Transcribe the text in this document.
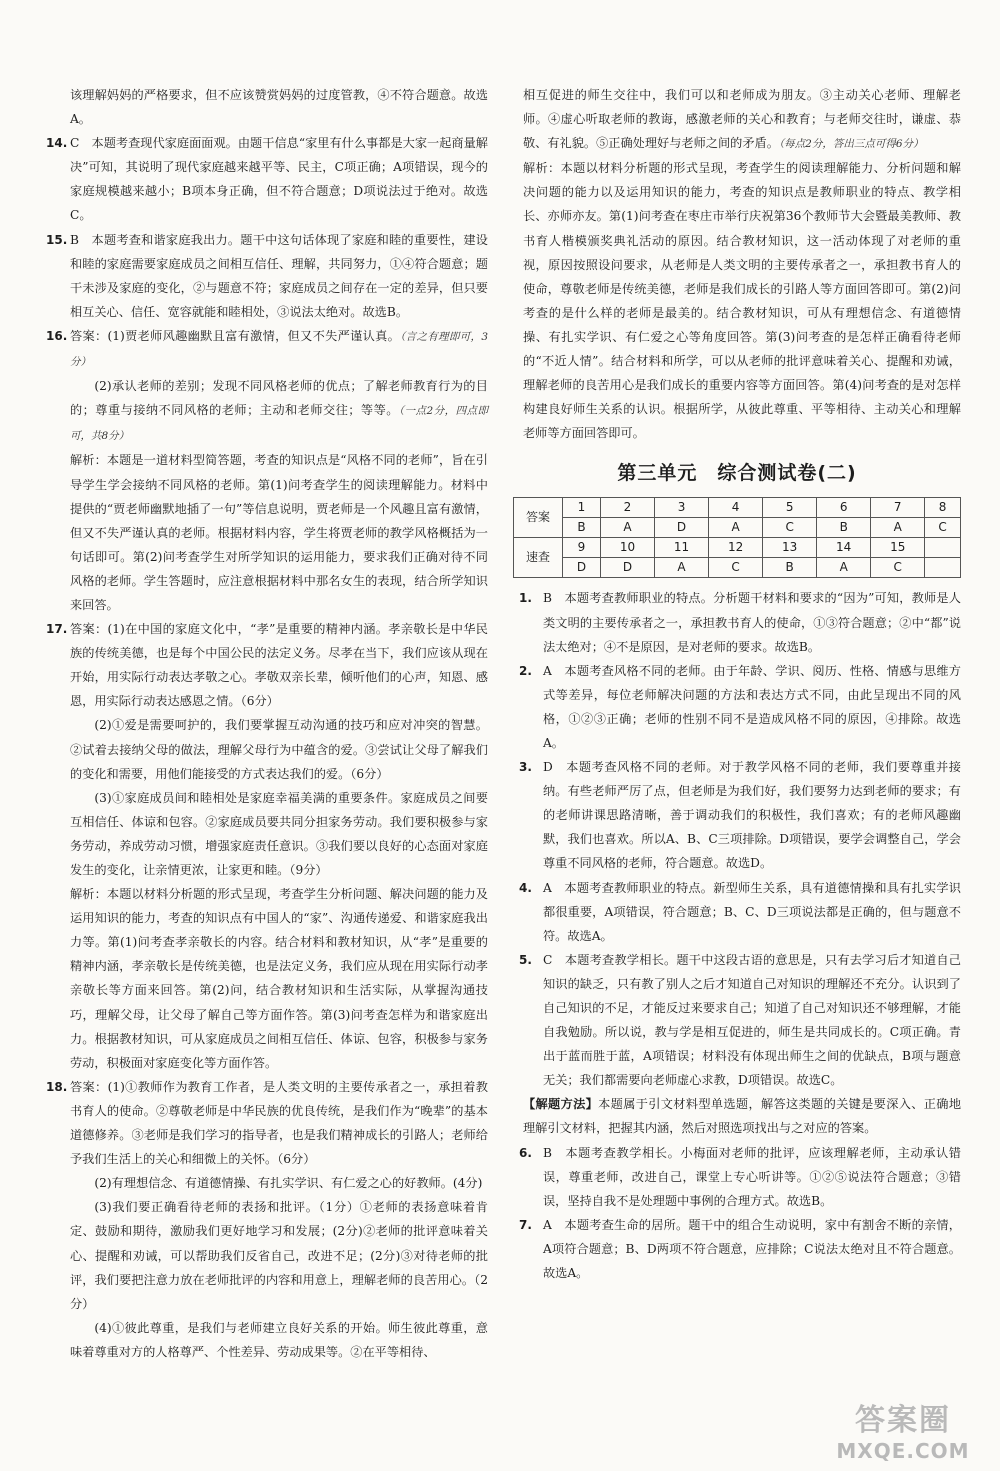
该理解妈妈的严格要求，但不应该赞赏妈妈的过度管教，④不符合题意。故选A。

14. C　本题考查现代家庭面面观。由题干信息“家里有什么事都是大家一起商量解决”可知，其说明了现代家庭越来越平等、民主，C项正确；A项错误，现今的家庭规模越来越小；B项本身正确，但不符合题意；D项说法过于绝对。故选C。

15. B　本题考查和谐家庭我出力。题干中这句话体现了家庭和睦的重要性，建设和睦的家庭需要家庭成员之间相互信任、理解，共同努力，①④符合题意；题干未涉及家庭的变化，②与题意不符；家庭成员之间存在一定的差异，但只要相互关心、信任、宽容就能和睦相处，③说法太绝对。故选B。

16. 答案：(1)贾老师风趣幽默且富有激情，但又不失严谨认真。（言之有理即可，3分）

(2)承认老师的差别；发现不同风格老师的优点；了解老师教育行为的目的；尊重与接纳不同风格的老师；主动和老师交往；等等。（一点2分，四点即可，共8分）

解析：本题是一道材料型简答题，考查的知识点是“风格不同的老师”，旨在引导学生学会接纳不同风格的老师。第(1)问考查学生的阅读理解能力。材料中提供的“贾老师幽默地插了一句”等信息说明，贾老师是一个风趣且富有激情，但又不失严谨认真的老师。根据材料内容，学生将贾老师的教学风格概括为一句话即可。第(2)问考查学生对所学知识的运用能力，要求我们正确对待不同风格的老师。学生答题时，应注意根据材料中那名女生的表现，结合所学知识来回答。

17. 答案：(1)在中国的家庭文化中，“孝”是重要的精神内涵。孝亲敬长是中华民族的传统美德，也是每个中国公民的法定义务。尽孝在当下，我们应该从现在开始，用实际行动表达孝敬之心。孝敬双亲长辈，倾听他们的心声，知恩、感恩，用实际行动表达感恩之情。（6分）

(2)①爱是需要呵护的，我们要掌握互动沟通的技巧和应对冲突的智慧。②试着去接纳父母的做法，理解父母行为中蕴含的爱。③尝试让父母了解我们的变化和需要，用他们能接受的方式表达我们的爱。（6分）

(3)①家庭成员间和睦相处是家庭幸福美满的重要条件。家庭成员之间要互相信任、体谅和包容。②家庭成员要共同分担家务劳动。我们要积极参与家务劳动，养成劳动习惯，增强家庭责任意识。③我们要以良好的心态面对家庭发生的变化，让亲情更浓，让家更和睦。（9分）

解析：本题以材料分析题的形式呈现，考查学生分析问题、解决问题的能力及运用知识的能力，考查的知识点有中国人的“家”、沟通传递爱、和谐家庭我出力等。第(1)问考查孝亲敬长的内容。结合材料和教材知识，从“孝”是重要的精神内涵，孝亲敬长是传统美德，也是法定义务，我们应从现在用实际行动孝亲敬长等方面来回答。第(2)问，结合教材知识和生活实际，从掌握沟通技巧，理解父母，让父母了解自己等方面作答。第(3)问考查怎样为和谐家庭出力。根据教材知识，可从家庭成员之间相互信任、体谅、包容，积极参与家务劳动，积极面对家庭变化等方面作答。

18. 答案：(1)①教师作为教育工作者，是人类文明的主要传承者之一，承担着教书育人的使命。②尊敬老师是中华民族的优良传统，是我们作为“晚辈”的基本道德修养。③老师是我们学习的指导者，也是我们精神成长的引路人；老师给予我们生活上的关心和细微上的关怀。（6分）

(2)有理想信念、有道德情操、有扎实学识、有仁爱之心的好教师。(4分)

(3)我们要正确看待老师的表扬和批评。（1分）①老师的表扬意味着肯定、鼓励和期待，激励我们更好地学习和发展；(2分)②老师的批评意味着关心、提醒和劝诫，可以帮助我们反省自己，改进不足；(2分)③对待老师的批评，我们要把注意力放在老师批评的内容和用意上，理解老师的良苦用心。（2分）

(4)①彼此尊重，是我们与老师建立良好关系的开始。师生彼此尊重，意味着尊重对方的人格尊严、个性差异、劳动成果等。②在平等相待、

相互促进的师生交往中，我们可以和老师成为朋友。③主动关心老师、理解老师。④虚心听取老师的教诲，感激老师的关心和教育；与老师交往时，谦虚、恭敬、有礼貌。⑤正确处理好与老师之间的矛盾。（每点2分，答出三点可得6分）

解析：本题以材料分析题的形式呈现，考查学生的阅读理解能力、分析问题和解决问题的能力以及运用知识的能力，考查的知识点是教师职业的特点、教学相长、亦师亦友。第(1)问考查在枣庄市举行庆祝第36个教师节大会暨最美教师、教书育人楷模颁奖典礼活动的原因。结合教材知识，这一活动体现了对老师的重视，原因按照设问要求，从老师是人类文明的主要传承者之一，承担教书育人的使命，尊敬老师是传统美德，老师是我们成长的引路人等方面回答即可。第(2)问考查的是什么样的老师是最美的。结合教材知识，可从有理想信念、有道德情操、有扎实学识、有仁爱之心等角度回答。第(3)问考查的是怎样正确看待老师的“不近人情”。结合材料和所学，可以从老师的批评意味着关心、提醒和劝诫，理解老师的良苦用心是我们成长的重要内容等方面回答。第(4)问考查的是对怎样构建良好师生关系的认识。根据所学，从彼此尊重、平等相待、主动关心和理解老师等方面回答即可。

第三单元　综合测试卷(二)
答案	1	2	3	4	5	6	7	8
	B	A	D	A	C	B	A	C
速查	9	10	11	12	13	14	15	
	D	D	A	C	B	A	C	
1. B　本题考查教师职业的特点。分析题干材料和要求的“因为”可知，教师是人类文明的主要传承者之一，承担教书育人的使命，①③符合题意；②中“都”说法太绝对；④不是原因，是对老师的要求。故选B。

2. A　本题考查风格不同的老师。由于年龄、学识、阅历、性格、情感与思维方式等差异，每位老师解决问题的方法和表达方式不同，由此呈现出不同的风格，①②③正确；老师的性别不同不是造成风格不同的原因，④排除。故选A。

3. D　本题考查风格不同的老师。对于教学风格不同的老师，我们要尊重并接纳。有些老师严厉了点，但老师是为我们好，我们要努力达到老师的要求；有的老师讲课思路清晰，善于调动我们的积极性，我们喜欢；有的老师风趣幽默，我们也喜欢。所以A、B、C三项排除。D项错误，要学会调整自己，学会尊重不同风格的老师，符合题意。故选D。

4. A　本题考查教师职业的特点。新型师生关系，具有道德情操和具有扎实学识都很重要，A项错误，符合题意；B、C、D三项说法都是正确的，但与题意不符。故选A。

5. C　本题考查教学相长。题干中这段古语的意思是，只有去学习后才知道自己知识的缺乏，只有教了别人之后才知道自己对知识的理解还不充分。认识到了自己知识的不足，才能反过来要求自己；知道了自己对知识还不够理解，才能自我勉励。所以说，教与学是相互促进的，师生是共同成长的。C项正确。青出于蓝而胜于蓝，A项错误；材料没有体现出师生之间的优缺点，B项与题意无关；我们都需要向老师虚心求教，D项错误。故选C。

【解题方法】本题属于引文材料型单选题，解答这类题的关键是要深入、正确地理解引文材料，把握其内涵，然后对照选项找出与之对应的答案。

6. B　本题考查教学相长。小梅面对老师的批评，应该理解老师，主动承认错误，尊重老师，改进自己，课堂上专心听讲等。①②⑤说法符合题意；③错误，坚持自我不是处理题中事例的合理方式。故选B。

7. A　本题考查生命的居所。题干中的组合生动说明，家中有割舍不断的亲情，A项符合题意；B、D两项不符合题意，应排除；C说法太绝对且不符合题意。故选A。

答案圈
MXQE.COM
